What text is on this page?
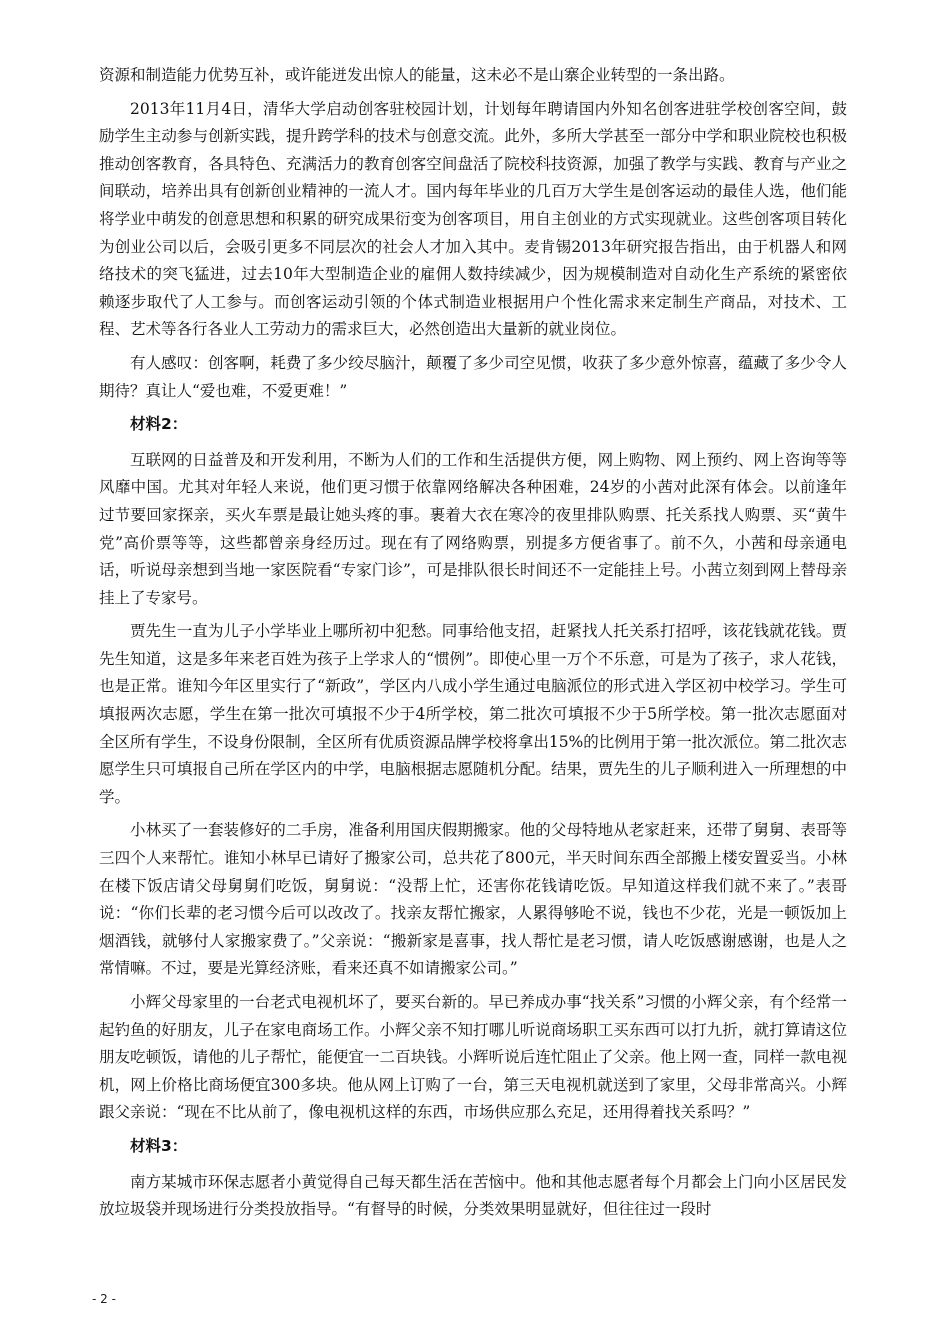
资源和制造能力优势互补，或许能迸发出惊人的能量，这未必不是山寨企业转型的一条出路。

2013年11月4日，清华大学启动创客驻校园计划，计划每年聘请国内外知名创客进驻学校创客空间，鼓励学生主动参与创新实践，提升跨学科的技术与创意交流。此外，多所大学甚至一部分中学和职业院校也积极推动创客教育，各具特色、充满活力的教育创客空间盘活了院校科技资源，加强了教学与实践、教育与产业之间联动，培养出具有创新创业精神的一流人才。国内每年毕业的几百万大学生是创客运动的最佳人选，他们能将学业中萌发的创意思想和积累的研究成果衍变为创客项目，用自主创业的方式实现就业。这些创客项目转化为创业公司以后，会吸引更多不同层次的社会人才加入其中。麦肯锡2013年研究报告指出，由于机器人和网络技术的突飞猛进，过去10年大型制造企业的雇佣人数持续减少，因为规模制造对自动化生产系统的紧密依赖逐步取代了人工参与。而创客运动引领的个体式制造业根据用户个性化需求来定制生产商品，对技术、工程、艺术等各行各业人工劳动力的需求巨大，必然创造出大量新的就业岗位。

有人感叹：创客啊，耗费了多少绞尽脑汁，颠覆了多少司空见惯，收获了多少意外惊喜，蕴藏了多少令人期待？真让人“爱也难，不爱更难！”

材料2：

互联网的日益普及和开发利用，不断为人们的工作和生活提供方便，网上购物、网上预约、网上咨询等等风靡中国。尤其对年轻人来说，他们更习惯于依靠网络解决各种困难，24岁的小茜对此深有体会。以前逢年过节要回家探亲，买火车票是最让她头疼的事。裹着大衣在寒冷的夜里排队购票、托关系找人购票、买“黄牛党”高价票等等，这些都曾亲身经历过。现在有了网络购票，别提多方便省事了。前不久，小茜和母亲通电话，听说母亲想到当地一家医院看“专家门诊”，可是排队很长时间还不一定能挂上号。小茜立刻到网上替母亲挂上了专家号。

贾先生一直为儿子小学毕业上哪所初中犯愁。同事给他支招，赶紧找人托关系打招呼，该花钱就花钱。贾先生知道，这是多年来老百姓为孩子上学求人的“惯例”。即使心里一万个不乐意，可是为了孩子，求人花钱，也是正常。谁知今年区里实行了“新政”，学区内八成小学生通过电脑派位的形式进入学区初中校学习。学生可填报两次志愿，学生在第一批次可填报不少于4所学校，第二批次可填报不少于5所学校。第一批次志愿面对全区所有学生，不设身份限制，全区所有优质资源品牌学校将拿出15%的比例用于第一批次派位。第二批次志愿学生只可填报自己所在学区内的中学，电脑根据志愿随机分配。结果，贾先生的儿子顺利进入一所理想的中学。

小林买了一套装修好的二手房，准备利用国庆假期搬家。他的父母特地从老家赶来，还带了舅舅、表哥等三四个人来帮忙。谁知小林早已请好了搬家公司，总共花了800元，半天时间东西全部搬上楼安置妥当。小林在楼下饭店请父母舅舅们吃饭，舅舅说：“没帮上忙，还害你花钱请吃饭。早知道这样我们就不来了。”表哥说：“你们长辈的老习惯今后可以改改了。找亲友帮忙搬家，人累得够呛不说，钱也不少花，光是一顿饭加上烟酒钱，就够付人家搬家费了。”父亲说：“搬新家是喜事，找人帮忙是老习惯，请人吃饭感谢感谢，也是人之常情嘛。不过，要是光算经济账，看来还真不如请搬家公司。”

小辉父母家里的一台老式电视机坏了，要买台新的。早已养成办事“找关系”习惯的小辉父亲，有个经常一起钓鱼的好朋友，儿子在家电商场工作。小辉父亲不知打哪儿听说商场职工买东西可以打九折，就打算请这位朋友吃顿饭，请他的儿子帮忙，能便宜一二百块钱。小辉听说后连忙阻止了父亲。他上网一查，同样一款电视机，网上价格比商场便宜300多块。他从网上订购了一台，第三天电视机就送到了家里，父母非常高兴。小辉跟父亲说：“现在不比从前了，像电视机这样的东西，市场供应那么充足，还用得着找关系吗？”

材料3：

南方某城市环保志愿者小黄觉得自己每天都生活在苦恼中。他和其他志愿者每个月都会上门向小区居民发放垃圾袋并现场进行分类投放指导。“有督导的时候，分类效果明显就好，但往往过一段时

- 2 -
